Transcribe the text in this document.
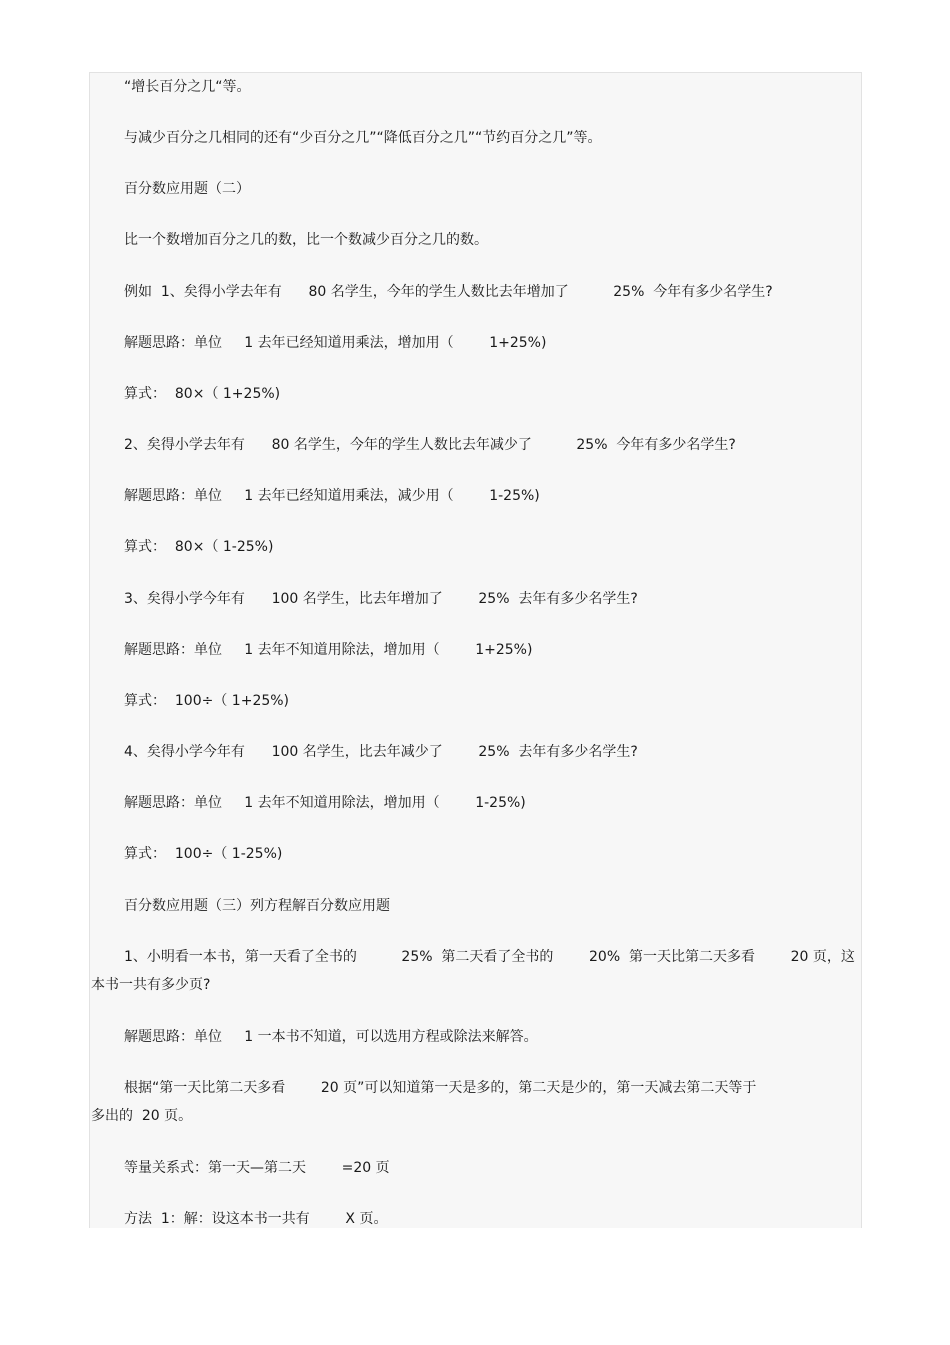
“增长百分之几“等。

与减少百分之几相同的还有“少百分之几”“降低百分之几”“节约百分之几”等。

百分数应用题（二）

比一个数增加百分之几的数，比一个数减少百分之几的数。

例如  1、矣得小学去年有      80 名学生，今年的学生人数比去年增加了          25%  今年有多少名学生?

解题思路：单位     1 去年已经知道用乘法，增加用（        1+25%)

算式：  80×（ 1+25%)

2、矣得小学去年有      80 名学生，今年的学生人数比去年减少了          25%  今年有多少名学生?

解题思路：单位     1 去年已经知道用乘法，减少用（        1-25%)

算式：  80×（ 1-25%)

3、矣得小学今年有      100 名学生，比去年增加了        25%  去年有多少名学生?

解题思路：单位     1 去年不知道用除法，增加用（        1+25%)

算式：  100÷（ 1+25%)

4、矣得小学今年有      100 名学生，比去年减少了        25%  去年有多少名学生?

解题思路：单位     1 去年不知道用除法，增加用（        1-25%)

算式：  100÷（ 1-25%)

百分数应用题（三）列方程解百分数应用题

1、小明看一本书，第一天看了全书的          25%  第二天看了全书的        20%  第一天比第二天多看        20 页，这

本书一共有多少页?

解题思路：单位     1 一本书不知道，可以选用方程或除法来解答。

根据“第一天比第二天多看        20 页”可以知道第一天是多的，第二天是少的，第一天减去第二天等于

多出的  20 页。

等量关系式：第一天—第二天        =20 页

方法  1：解：设这本书一共有        X 页。
